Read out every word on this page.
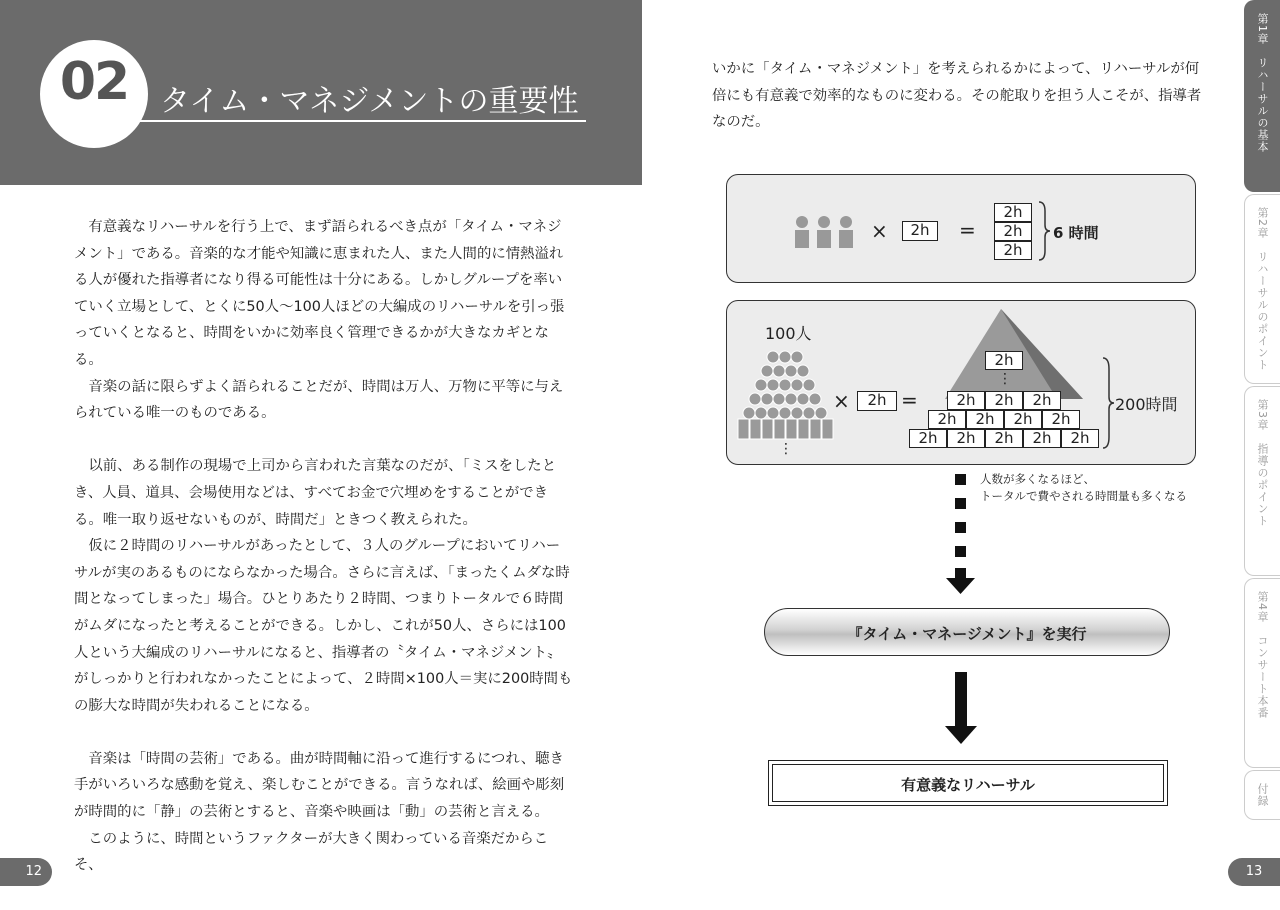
02	タイム・マネジメントの重要性

有意義なリハーサルを行う上で、まず語られるべき点が「タイム・マネジメント」である。音楽的な才能や知識に恵まれた人、また人間的に情熱溢れる人が優れた指導者になり得る可能性は十分にある。しかしグループを率いていく立場として、とくに50人〜100人ほどの大編成のリハーサルを引っ張っていくとなると、時間をいかに効率良く管理できるかが大きなカギとなる。

音楽の話に限らずよく語られることだが、時間は万人、万物に平等に与えられている唯一のものである。

以前、ある制作の現場で上司から言われた言葉なのだが、「ミスをしたとき、人員、道具、会場使用などは、すべてお金で穴埋めをすることができる。唯一取り返せないものが、時間だ」ときつく教えられた。

仮に２時間のリハーサルがあったとして、３人のグループにおいてリハーサルが実のあるものにならなかった場合。さらに言えば、「まったくムダな時間となってしまった」場合。ひとりあたり２時間、つまりトータルで６時間がムダになったと考えることができる。しかし、これが50人、さらには100人という大編成のリハーサルになると、指導者の〝タイム・マネジメント〟がしっかりと行われなかったことによって、２時間×100人＝実に200時間もの膨大な時間が失われることになる。

音楽は「時間の芸術」である。曲が時間軸に沿って進行するにつれ、聴き手がいろいろな感動を覚え、楽しむことができる。言うなれば、絵画や彫刻が時間的に「静」の芸術とすると、音楽や映画は「動」の芸術と言える。

このように、時間というファクターが大きく関わっている音楽だからこそ、

いかに「タイム・マネジメント」を考えられるかによって、リハーサルが何倍にも有意義で効率的なものに変わる。その舵取りを担う人こそが、指導者なのだ。

×	2h	=
2h
2h
2h
6 時間
100人
⋮
×	2h =
2h
⋮
2h	2h	2h
2h	2h	2h	2h
2h	2h	2h	2h	2h
200時間
人数が多くなるほど、
トータルで費やされる時間量も多くなる
『タイム・マネージメント』を実行
有意義なリハーサル
12	13
第1章　リハーサルの基本
第2章　リハーサルのポイント
第3章　指導のポイント
第4章　コンサート本番
付録
